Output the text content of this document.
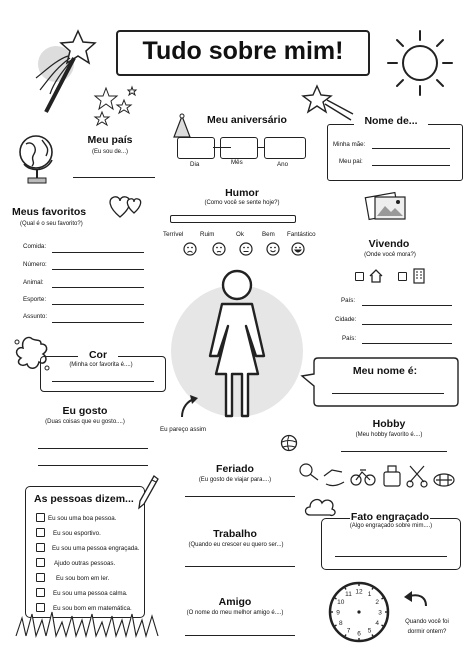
Tudo sobre mim!
Meu aniversário
Dia	Mês	Ano
Meu país
(Eu sou de...)
Nome de...
Minha mãe:
Meu pai:
Humor
(Como você se sente hoje?)
Terrível	Ruim	Ok	Bem Fantástico
Meus favoritos
(Qual é o seu favorito?)
Comida:
Número:
Animal:
Esporte:
Assunto:
Vivendo
(Onde você mora?)
País:
Cidade:
País:
Eu pareço assim
Cor
(Minha cor favorita é....)	Meu nome é:
Eu gosto
(Duas coisas que eu gosto....)	Hobby
(Meu hobby favorito é....)
Feriado
(Eu gosto de viajar para....)
As pessoas dizem...
Eu sou uma boa pessoa.
Eu sou esportivo.
Eu sou uma pessoa engraçada.
Ajudo outras pessoas.
Eu sou bom em ler.
Eu sou uma pessoa calma.
Eu sou bom em matemática.
Trabalho
(Quando eu crescer eu quero ser...)
Fato engraçado
(Algo engraçado sobre mim....)
Amigo
(O nome do meu melhor amigo é....)
12 1
2
3
4
5
6
7
8
9
10
11
Quando você foi dormir ontem?
